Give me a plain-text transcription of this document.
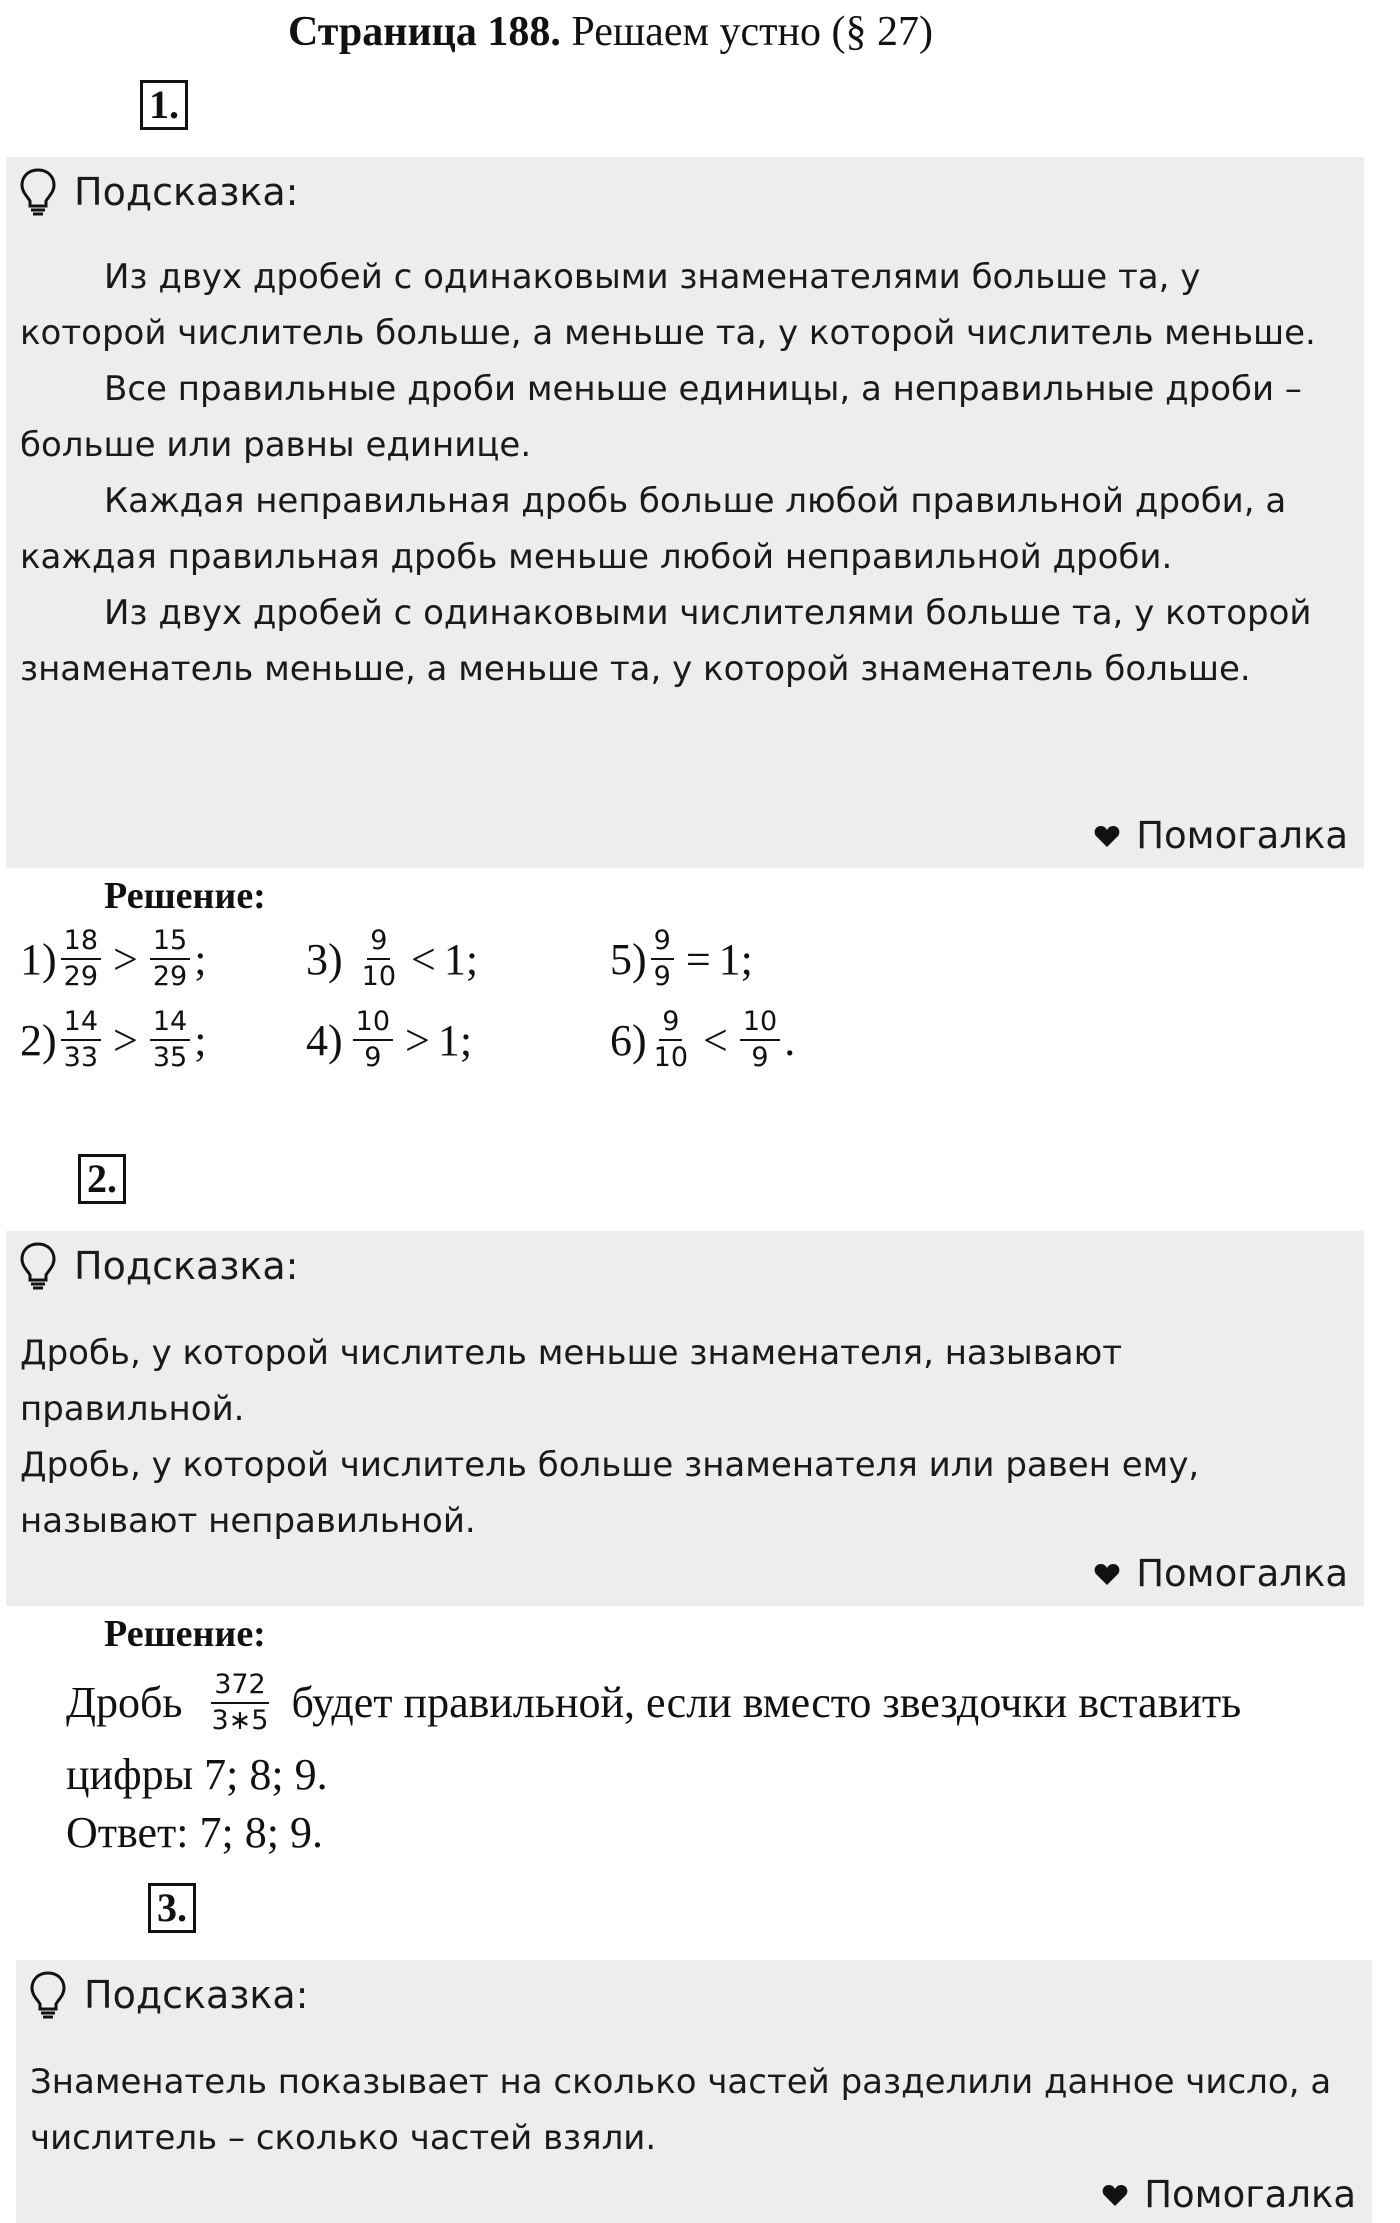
Страница 188. Решаем устно (§ 27)
1.
Подсказка:

Из двух дробей с одинаковыми знаменателями больше та, у которой числитель больше, а меньше та, у которой числитель меньше.

Все правильные дроби меньше единицы, а неправильные дроби – больше или равны единице.

Каждая неправильная дробь больше любой правильной дроби, а каждая правильная дробь меньше любой неправильной дроби.

Из двух дробей с одинаковыми числителями больше та, у которой знаменатель меньше, а меньше та, у которой знаменатель больше.

Помогалка
Решение:
$1) \frac{18}{29} > \frac{15}{29}$ ;
$2) \frac{14}{33} > \frac{14}{35}$ ;
$3) \frac{9}{10} < 1$ ;
$4) \frac{10}{9} > 1$ ;
$5) \frac{9}{9} = 1$ ;
$6) \frac{9}{10} < \frac{10}{9}$ .
2.
Подсказка:

Дробь, у которой числитель меньше знаменателя, называют правильной.

Дробь, у которой числитель больше знаменателя или равен ему, называют неправильной.

Помогалка
Решение:
Дробь $\frac{372}{3∗5}$ будет правильной, если вместо звездочки вставить
цифры 7; 8; 9.
Ответ: 7; 8; 9.
3.
Подсказка:

Знаменатель показывает на сколько частей разделили данное число, а числитель – сколько частей взяли.

Помогалка
